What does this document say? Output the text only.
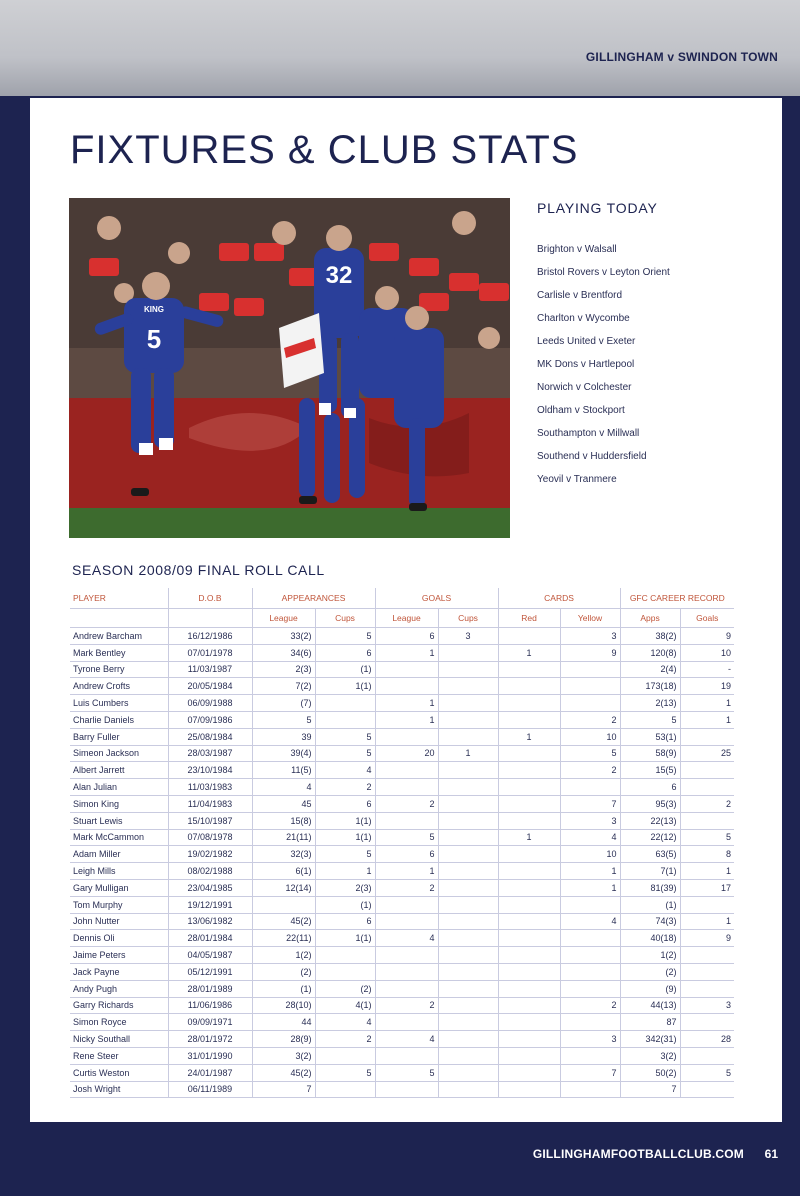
GILLINGHAM v SWINDON TOWN
FIXTURES & CLUB STATS
5
KING
32
PLAYING TODAY
Brighton v Walsall
Bristol Rovers v Leyton Orient
Carlisle v Brentford
Charlton v Wycombe
Leeds United v Exeter
MK Dons v Hartlepool
Norwich v Colchester
Oldham v Stockport
Southampton v Millwall
Southend v Huddersfield
Yeovil v Tranmere
SEASON 2008/09 FINAL ROLL CALL
PLAYER	D.O.B	APPEARANCES		GOALS		CARDS		GFC CAREER RECORD	
		League	Cups	League	Cups	Red	Yellow	Apps	Goals
Andrew Barcham	16/12/1986	33(2)	5	6	3		3	38(2)	9
Mark Bentley	07/01/1978	34(6)	6	1		1	9	120(8)	10
Tyrone Berry	11/03/1987	2(3)	(1)					2(4)	-
Andrew Crofts	20/05/1984	7(2)	1(1)					173(18)	19
Luis Cumbers	06/09/1988	(7)		1				2(13)	1
Charlie Daniels	07/09/1986	5		1			2	5	1
Barry Fuller	25/08/1984	39	5			1	10	53(1)	
Simeon Jackson	28/03/1987	39(4)	5	20	1		5	58(9)	25
Albert Jarrett	23/10/1984	11(5)	4				2	15(5)	
Alan Julian	11/03/1983	4	2					6	
Simon King	11/04/1983	45	6	2			7	95(3)	2
Stuart Lewis	15/10/1987	15(8)	1(1)				3	22(13)	
Mark McCammon	07/08/1978	21(11)	1(1)	5		1	4	22(12)	5
Adam Miller	19/02/1982	32(3)	5	6			10	63(5)	8
Leigh Mills	08/02/1988	6(1)	1	1			1	7(1)	1
Gary Mulligan	23/04/1985	12(14)	2(3)	2			1	81(39)	17
Tom Murphy	19/12/1991		(1)					(1)	
John Nutter	13/06/1982	45(2)	6				4	74(3)	1
Dennis Oli	28/01/1984	22(11)	1(1)	4				40(18)	9
Jaime Peters	04/05/1987	1(2)						1(2)	
Jack Payne	05/12/1991	(2)						(2)	
Andy Pugh	28/01/1989	(1)	(2)					(9)	
Garry Richards	11/06/1986	28(10)	4(1)	2			2	44(13)	3
Simon Royce	09/09/1971	44	4					87	
Nicky Southall	28/01/1972	28(9)	2	4			3	342(31)	28
Rene Steer	31/01/1990	3(2)						3(2)	
Curtis Weston	24/01/1987	45(2)	5	5			7	50(2)	5
Josh Wright	06/11/1989	7						7	
GILLINGHAMFOOTBALLCLUB.COM 61
